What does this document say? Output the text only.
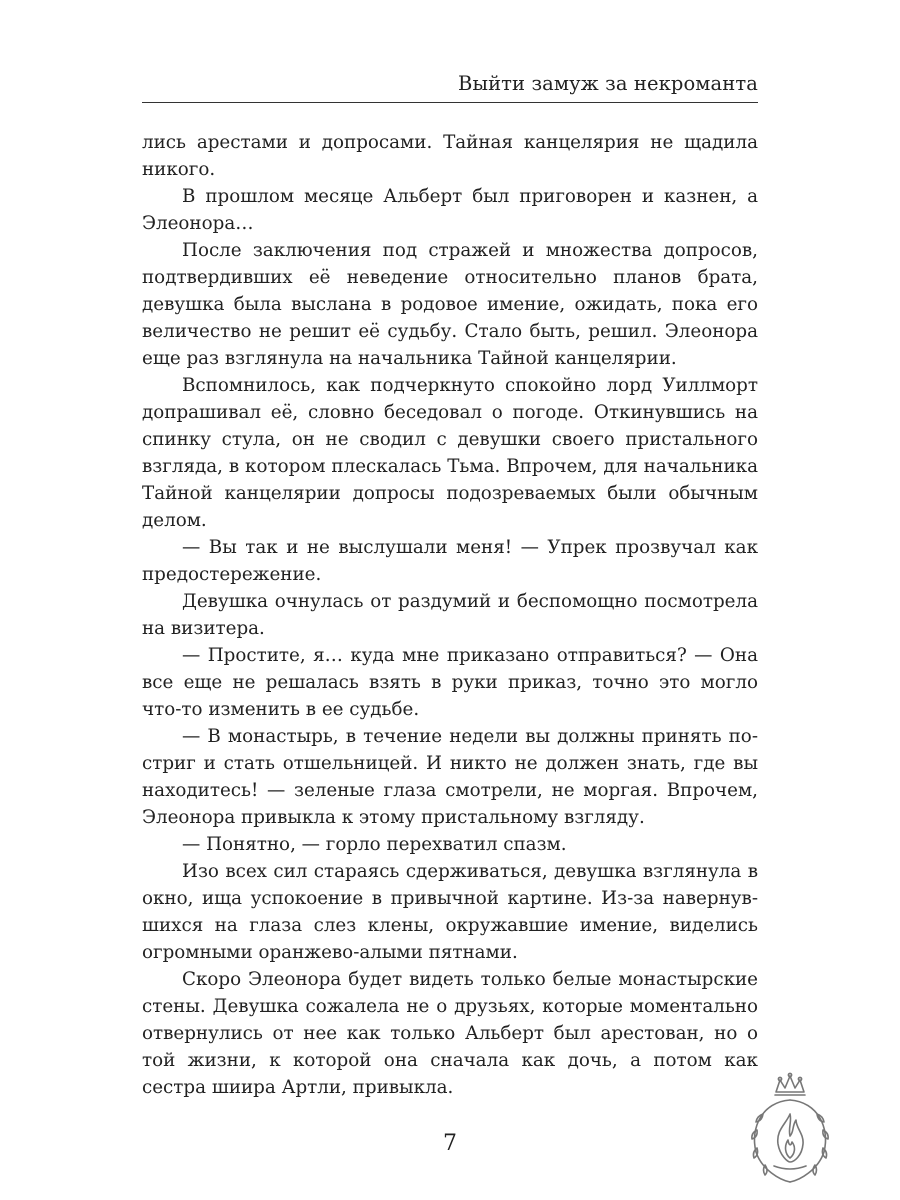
Выйти замуж за некроманта

лись арестами и допросами. Тайная канцелярия не щадила никого.

В прошлом месяце Альберт был приговорен и казнен, а Элеонора…

После заключения под стражей и множества допросов, подтвердивших её неведение относительно планов брата, девушка была выслана в родовое имение, ожидать, пока его величество не решит её судьбу. Стало быть, решил. Элеонора еще раз взглянула на начальника Тайной канцелярии.

Вспомнилось, как подчеркнуто спокойно лорд Уиллморт допрашивал её, словно беседовал о погоде. Откинувшись на спинку стула, он не сводил с девушки своего пристального взгляда, в котором плескалась Тьма. Впрочем, для начальника Тайной канцелярии допросы подозреваемых были обычным делом.

— Вы так и не выслушали меня! — Упрек прозвучал как предостережение.

Девушка очнулась от раздумий и беспомощно посмотрела на визитера.

— Простите, я… куда мне приказано отправиться? — Она все еще не решалась взять в руки приказ, точно это могло что-то изменить в ее судьбе.

— В монастырь, в течение недели вы должны принять постриг и стать отшельницей. И никто не должен знать, где вы находитесь! — зеленые глаза смотрели, не моргая. Впрочем, Элеонора привыкла к этому пристальному взгляду.

— Понятно, — горло перехватил спазм.

Изо всех сил стараясь сдерживаться, девушка взглянула в окно, ища успокоение в привычной картине. Из-за навернувшихся на глаза слез клены, окружавшие имение, виделись огромными оранжево-алыми пятнами.

Скоро Элеонора будет видеть только белые монастырские стены. Девушка сожалела не о друзьях, которые моментально отвернулись от нее как только Альберт был арестован, но о той жизни, к которой она сначала как дочь, а потом как сестра шиира Артли, привыкла.

7
